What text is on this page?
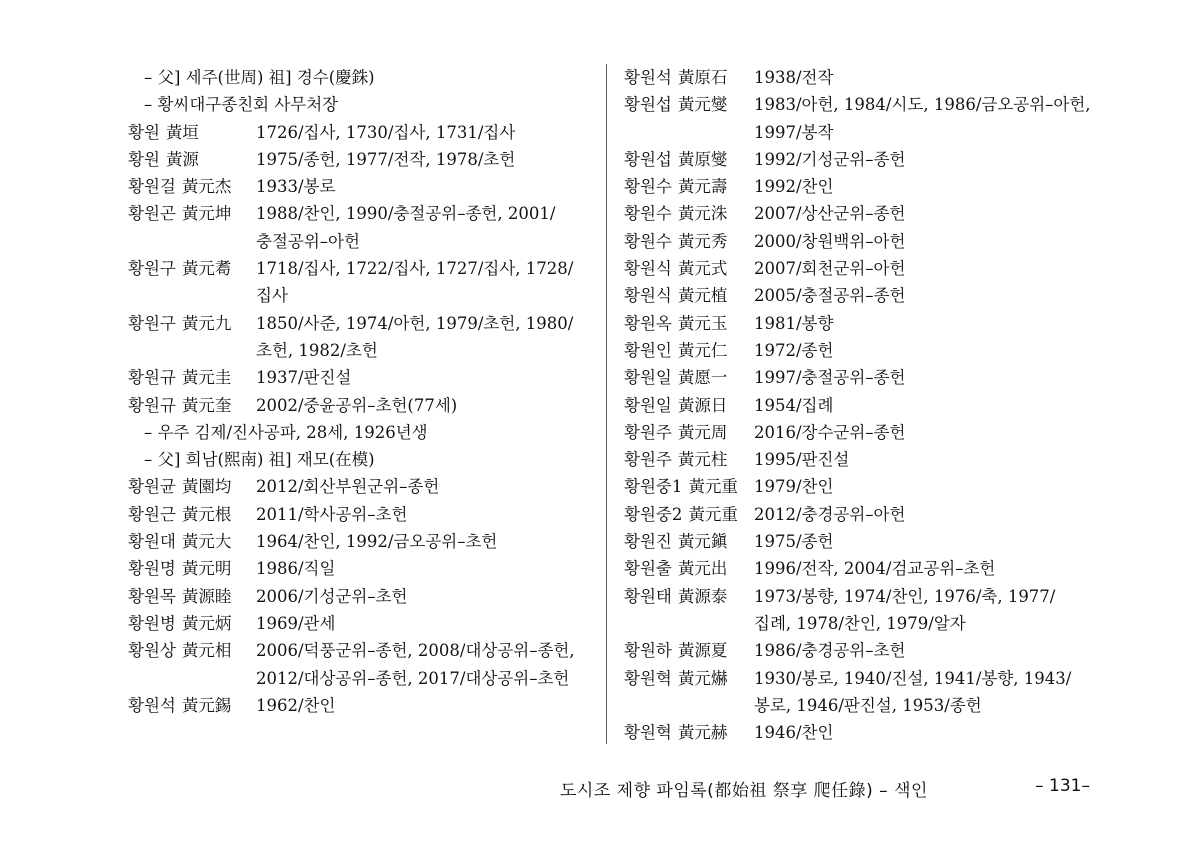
– 父] 세주(世周) 祖] 경수(慶銖)
– 황씨대구종친회 사무처장
황원 黃垣	1726/집사, 1730/집사, 1731/집사
황원 黃源	1975/종헌, 1977/전작, 1978/초헌
황원걸 黃元杰 1933/봉로
황원곤 黃元坤 1988/찬인, 1990/충절공위–종헌, 2001/충절공위–아헌
황원구 黃元耈 1718/집사, 1722/집사, 1727/집사, 1728/집사
황원구 黃元九 1850/사준, 1974/아헌, 1979/초헌, 1980/초헌, 1982/초헌
황원규 黃元圭 1937/판진설
황원규 黃元奎 2002/중윤공위–초헌(77세)
– 우주 김제/진사공파, 28세, 1926년생
– 父] 희남(熙南) 祖] 재모(在模)
황원균 黃園均 2012/회산부원군위–종헌
황원근 黃元根 2011/학사공위–초헌
황원대 黃元大 1964/찬인, 1992/금오공위–초헌
황원명 黃元明 1986/직일
황원목 黃源睦 2006/기성군위–초헌
황원병 黃元炳 1969/관세
황원상 黃元相 2006/덕풍군위–종헌, 2008/대상공위–종헌, 2012/대상공위–종헌, 2017/대상공위–초헌
황원석 黃元錫 1962/찬인
황원석 黃原石 1938/전작
황원섭 黃元燮 1983/아헌, 1984/시도, 1986/금오공위–아헌, 1997/봉작
황원섭 黃原燮 1992/기성군위–종헌
황원수 黃元壽 1992/찬인
황원수 黃元洙 2007/상산군위–종헌
황원수 黃元秀 2000/창원백위–아헌
황원식 黃元式 2007/회천군위–아헌
황원식 黃元植 2005/충절공위–종헌
황원옥 黃元玉 1981/봉향
황원인 黃元仁 1972/종헌
황원일 黃愿一 1997/충절공위–종헌
황원일 黃源日 1954/집례
황원주 黃元周 2016/장수군위–종헌
황원주 黃元柱 1995/판진설
황원중1 黃元重 1979/찬인
황원중2 黃元重 2012/충경공위–아헌
황원진 黃元鎭 1975/종헌
황원출 黃元出 1996/전작, 2004/검교공위–초헌
황원태 黃源泰 1973/봉향, 1974/찬인, 1976/축, 1977/집례, 1978/찬인, 1979/알자
황원하 黃源夏 1986/충경공위–초헌
황원혁 黃元爀 1930/봉로, 1940/진설, 1941/봉향, 1943/봉로, 1946/판진설, 1953/종헌
황원혁 黃元赫 1946/찬인
도시조 제향 파임록(都始祖 祭享 爬任錄) – 색인	– 131–
